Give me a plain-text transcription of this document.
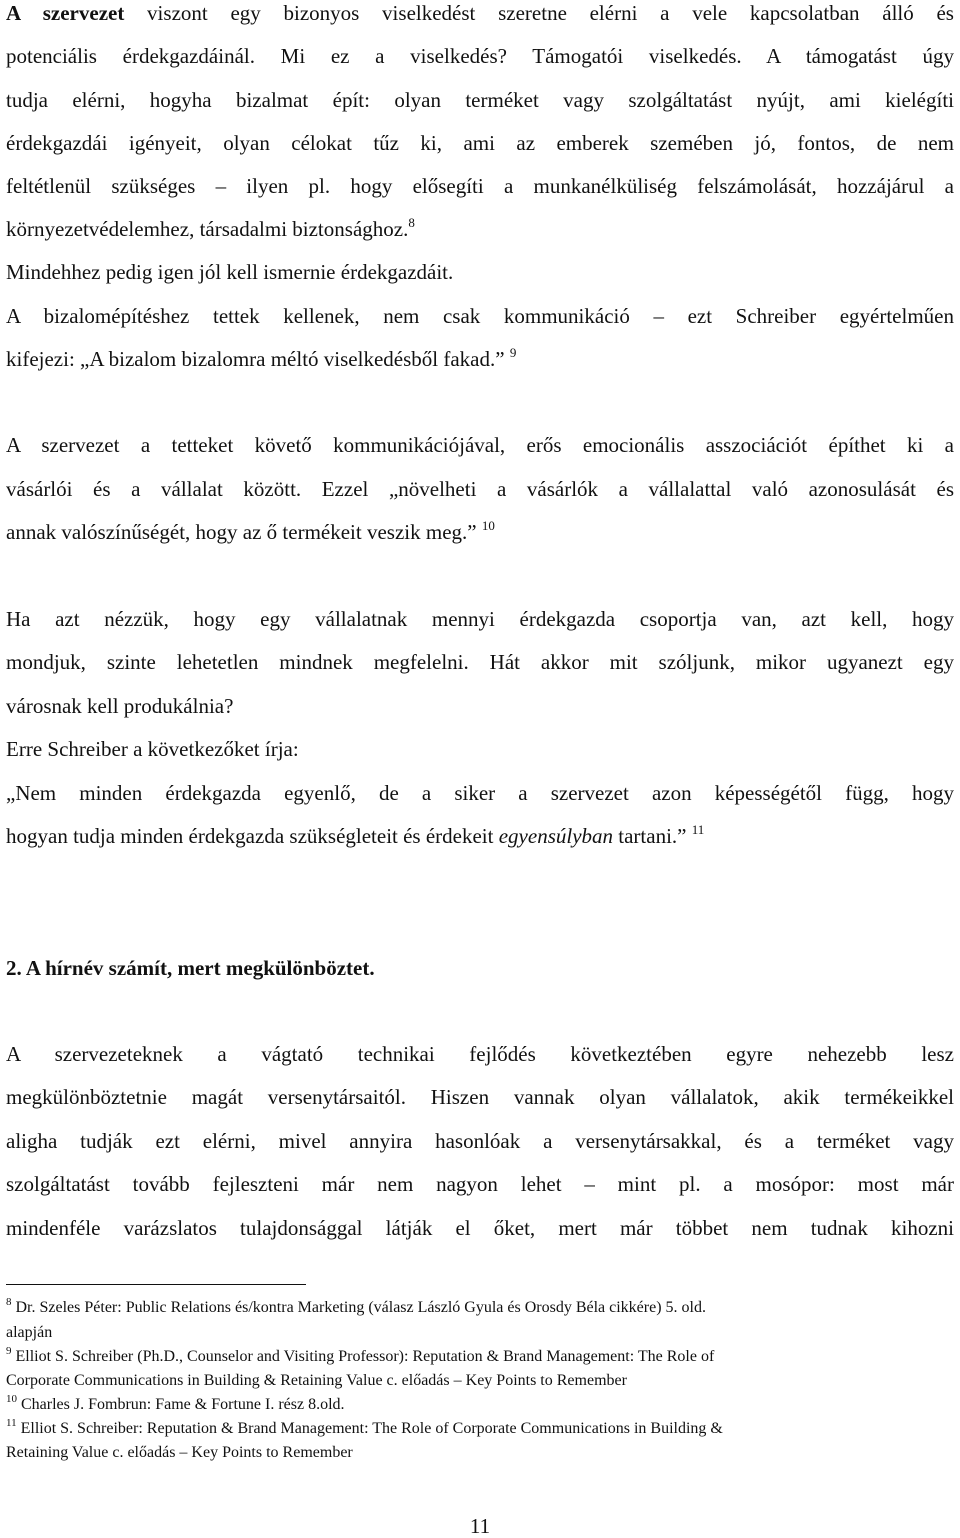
A szervezet viszont egy bizonyos viselkedést szeretne elérni a vele kapcsolatban álló és
potenciális érdekgazdáinál. Mi ez a viselkedés? Támogatói viselkedés. A támogatást úgy
tudja elérni, hogyha bizalmat épít: olyan terméket vagy szolgáltatást nyújt, ami kielégíti
érdekgazdái igényeit, olyan célokat tűz ki, ami az emberek szemében jó, fontos, de nem
feltétlenül szükséges – ilyen pl. hogy elősegíti a munkanélküliség felszámolását, hozzájárul a
környezetvédelemhez, társadalmi biztonsághoz.$^8$
Mindehhez pedig igen jól kell ismernie érdekgazdáit.
A bizalomépítéshez tettek kellenek, nem csak kommunikáció – ezt Schreiber egyértelműen
kifejezi: „A bizalom bizalomra méltó viselkedésből fakad.” $^9$
A szervezet a tetteket követő kommunikációjával, erős emocionális asszociációt építhet ki a
vásárlói és a vállalat között. Ezzel „növelheti a vásárlók a vállalattal való azonosulását és
annak valószínűségét, hogy az ő termékeit veszik meg.” $^{10}$
Ha azt nézzük, hogy egy vállalatnak mennyi érdekgazda csoportja van, azt kell, hogy
mondjuk, szinte lehetetlen mindnek megfelelni. Hát akkor mit szóljunk, mikor ugyanezt egy
városnak kell produkálnia?
Erre Schreiber a következőket írja:
„Nem minden érdekgazda egyenlő, de a siker a szervezet azon képességétől függ, hogy
hogyan tudja minden érdekgazda szükségleteit és érdekeit egyensúlyban tartani.” $^{11}$
2. A hírnév számít, mert megkülönböztet.
A szervezeteknek a vágtató technikai fejlődés következtében egyre nehezebb lesz
megkülönböztetnie magát versenytársaitól. Hiszen vannak olyan vállalatok, akik termékeikkel
aligha tudják ezt elérni, mivel annyira hasonlóak a versenytársakkal, és a terméket vagy
szolgáltatást tovább fejleszteni már nem nagyon lehet – mint pl. a mosópor: most már
mindenféle varázslatos tulajdonsággal látják el őket, mert már többet nem tudnak kihozni
$^8$ Dr. Szeles Péter: Public Relations és/kontra Marketing (válasz László Gyula és Orosdy Béla cikkére) 5. old.
alapján
$^9$ Elliot S. Schreiber (Ph.D., Counselor and Visiting Professor): Reputation & Brand Management: The Role of
Corporate Communications in Building & Retaining Value c. előadás – Key Points to Remember
$^{10}$ Charles J. Fombrun: Fame & Fortune I. rész 8.old.
$^{11}$ Elliot S. Schreiber: Reputation & Brand Management: The Role of Corporate Communications in Building &
Retaining Value c. előadás – Key Points to Remember
11
